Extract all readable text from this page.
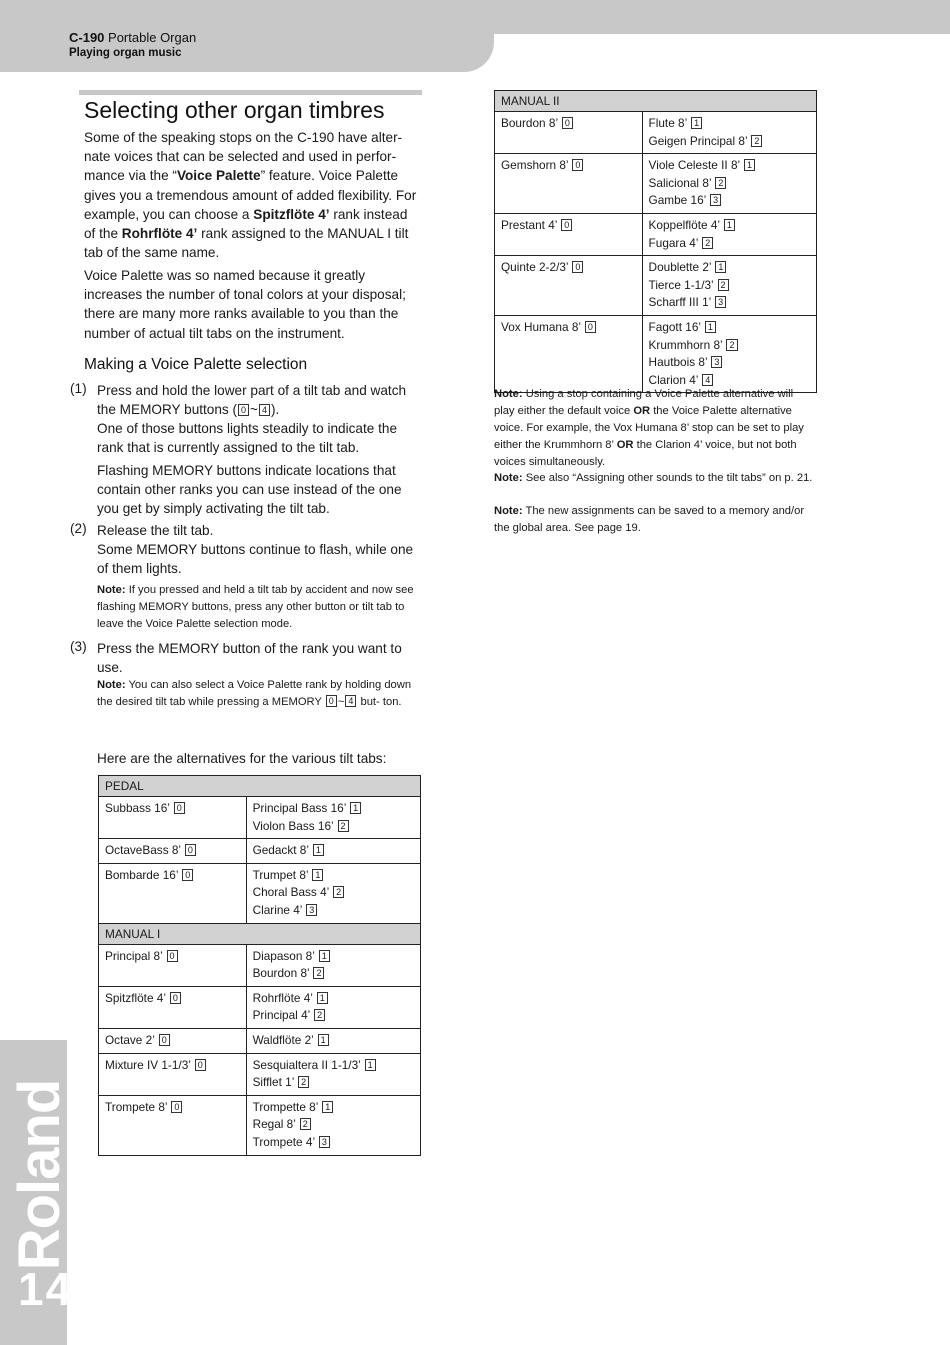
C-190 Portable Organ
Playing organ music
Roland
14
Selecting other organ timbres

Some of the speaking stops on the C-190 have alter- nate voices that can be selected and used in perfor- mance via the “Voice Palette” feature. Voice Palette gives you a tremendous amount of added flexibility. For example, you can choose a Spitzflöte 4’ rank instead of the Rohrflöte 4’ rank assigned to the MANUAL I tilt tab of the same name.

Voice Palette was so named because it greatly increases the number of tonal colors at your disposal; there are many more ranks available to you than the number of actual tilt tabs on the instrument.

Making a Voice Palette selection
(1) Press and hold the lower part of a tilt tab and watch the MEMORY buttons ( 0 ~ 4 ).

One of those buttons lights steadily to indicate the rank that is currently assigned to the tilt tab.

Flashing MEMORY buttons indicate locations that contain other ranks you can use instead of the one you get by simply activating the tilt tab.

(2) Release the tilt tab.

Some MEMORY buttons continue to flash, while one of them lights.

Note: If you pressed and held a tilt tab by accident and now see flashing MEMORY buttons, press any other button or tilt tab to leave the Voice Palette selection mode.

(3) Press the MEMORY button of the rank you want to use.

Note: You can also select a Voice Palette rank by holding down the desired tilt tab while pressing a MEMORY 0 ~ 4 but- ton.

Here are the alternatives for the various tilt tabs:
PEDAL	
Subbass 16’ 0	Principal Bass 16’ 1
Violon Bass 16’ 2

OctaveBass 8’ 0	Gedackt 8’ 1

Bombarde 16’ 0	Trumpet 8’ 1
Choral Bass 4’ 2
Clarine 4’ 3

MANUAL I	
Principal 8’ 0	Diapason 8’ 1
Bourdon 8’ 2

Spitzflöte 4’ 0	Rohrflöte 4’ 1
Principal 4’ 2

Octave 2’ 0	Waldflöte 2’ 1

Mixture IV 1-1/3’ 0	Sesquialtera II 1-1/3’ 1
Sifflet 1’ 2

Trompete 8’ 0	Trompette 8’ 1
Regal 8’ 2
Trompete 4’ 3
MANUAL II	
Bourdon 8’ 0	Flute 8’ 1
Geigen Principal 8’ 2

Gemshorn 8’ 0	Viole Celeste II 8’ 1
Salicional 8’ 2
Gambe 16’ 3

Prestant 4’ 0	Koppelflöte 4’ 1
Fugara 4’ 2

Quinte 2-2/3’ 0	Doublette 2’ 1
Tierce 1-1/3’ 2
Scharff III 1’ 3

Vox Humana 8’ 0	Fagott 16’ 1
Krummhorn 8’ 2
Hautbois 8’ 3
Clarion 4’ 4

Note: Using a stop containing a Voice Palette alternative will play either the default voice OR the Voice Palette alternative voice. For example, the Vox Humana 8’ stop can be set to play either the Krummhorn 8’ OR the Clarion 4’ voice, but not both voices simultaneously.

Note: See also “Assigning other sounds to the tilt tabs” on p. 21.

Note: The new assignments can be saved to a memory and/or the global area. See page 19.
